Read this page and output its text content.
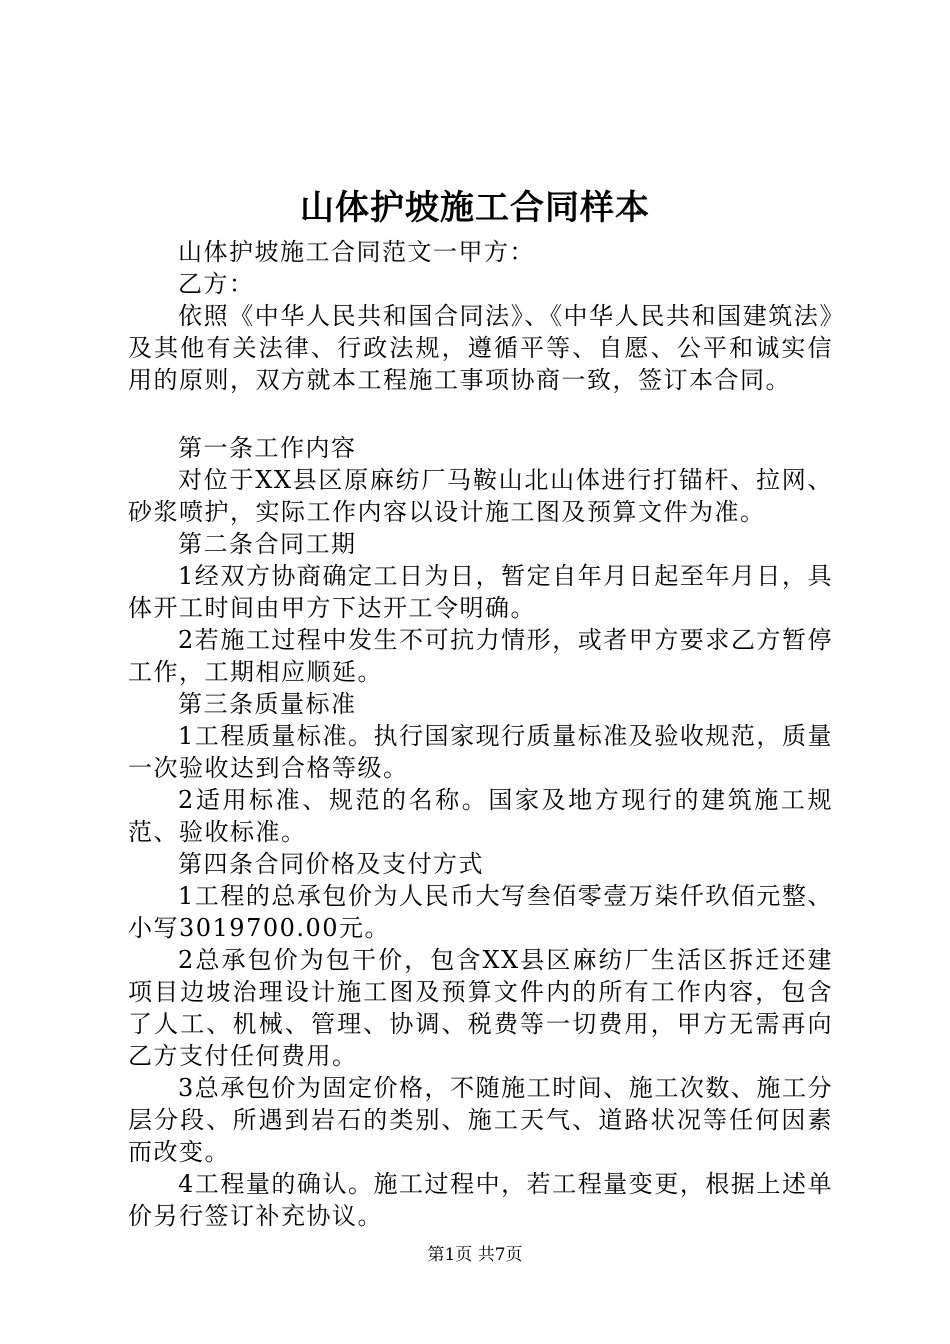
山体护坡施工合同样本

山体护坡施工合同范文一甲方：

乙方：

依照《中华人民共和国合同法》、《中华人民共和国建筑法》及其他有关法律、行政法规，遵循平等、自愿、公平和诚实信用的原则，双方就本工程施工事项协商一致，签订本合同。

第一条工作内容

对位于XX县区原麻纺厂马鞍山北山体进行打锚杆、拉网、砂浆喷护，实际工作内容以设计施工图及预算文件为准。

第二条合同工期

1经双方协商确定工日为日，暂定自年月日起至年月日，具体开工时间由甲方下达开工令明确。

2若施工过程中发生不可抗力情形，或者甲方要求乙方暂停工作，工期相应顺延。

第三条质量标准

1工程质量标准。执行国家现行质量标准及验收规范，质量一次验收达到合格等级。

2适用标准、规范的名称。国家及地方现行的建筑施工规范、验收标准。

第四条合同价格及支付方式

1工程的总承包价为人民币大写叁佰零壹万柒仟玖佰元整、小写3019700.00元。

2总承包价为包干价，包含XX县区麻纺厂生活区拆迁还建项目边坡治理设计施工图及预算文件内的所有工作内容，包含了人工、机械、管理、协调、税费等一切费用，甲方无需再向乙方支付任何费用。

3总承包价为固定价格，不随施工时间、施工次数、施工分层分段、所遇到岩石的类别、施工天气、道路状况等任何因素而改变。

4工程量的确认。施工过程中，若工程量变更，根据上述单价另行签订补充协议。

第1页 共7页
